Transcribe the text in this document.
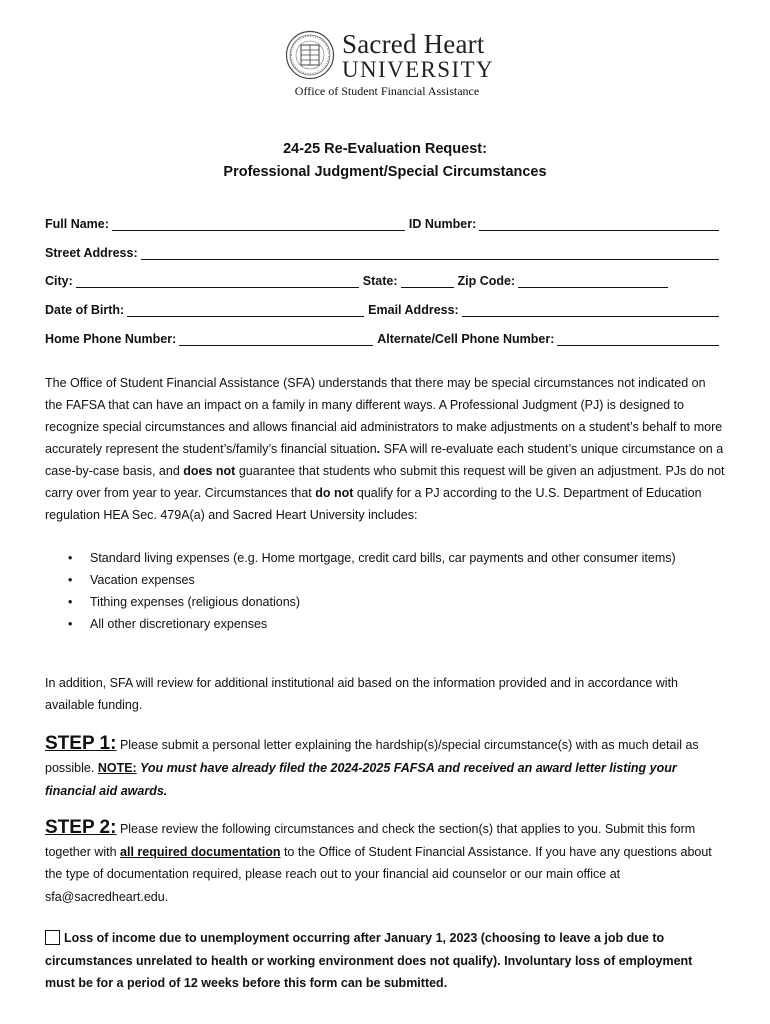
Sacred Heart
UNIVERSITY
Office of Student Financial Assistance
24-25 Re-Evaluation Request:
Professional Judgment/Special Circumstances
Full Name:	ID Number:
Street Address:
City:	State:	Zip Code:
Date of Birth:	Email Address:
Home Phone Number:	Alternate/Cell Phone Number:
The Office of Student Financial Assistance (SFA) understands that there may be special circumstances not indicated on the FAFSA that can have an impact on a family in many different ways. A Professional Judgment (PJ) is designed to recognize special circumstances and allows financial aid administrators to make adjustments on a student’s behalf to more accurately represent the student’s/family’s financial situation. SFA will re-evaluate each student’s unique circumstance on a case-by-case basis, and does not guarantee that students who submit this request will be given an adjustment. PJs do not carry over from year to year. Circumstances that do not qualify for a PJ according to the U.S. Department of Education regulation HEA Sec. 479A(a) and Sacred Heart University includes:
• Standard living expenses (e.g. Home mortgage, credit card bills, car payments and other consumer items)
• Vacation expenses
• Tithing expenses (religious donations)
• All other discretionary expenses
In addition, SFA will review for additional institutional aid based on the information provided and in accordance with available funding.
STEP 1: Please submit a personal letter explaining the hardship(s)/special circumstance(s) with as much detail as possible. NOTE: You must have already filed the 2024-2025 FAFSA and received an award letter listing your financial aid awards.
STEP 2: Please review the following circumstances and check the section(s) that applies to you. Submit this form together with all required documentation to the Office of Student Financial Assistance. If you have any questions about the type of documentation required, please reach out to your financial aid counselor or our main office at sfa@sacredheart.edu.
Loss of income due to unemployment occurring after January 1, 2023 (choosing to leave a job due to circumstances unrelated to health or working environment does not qualify). Involuntary loss of employment must be for a period of 12 weeks before this form can be submitted.
